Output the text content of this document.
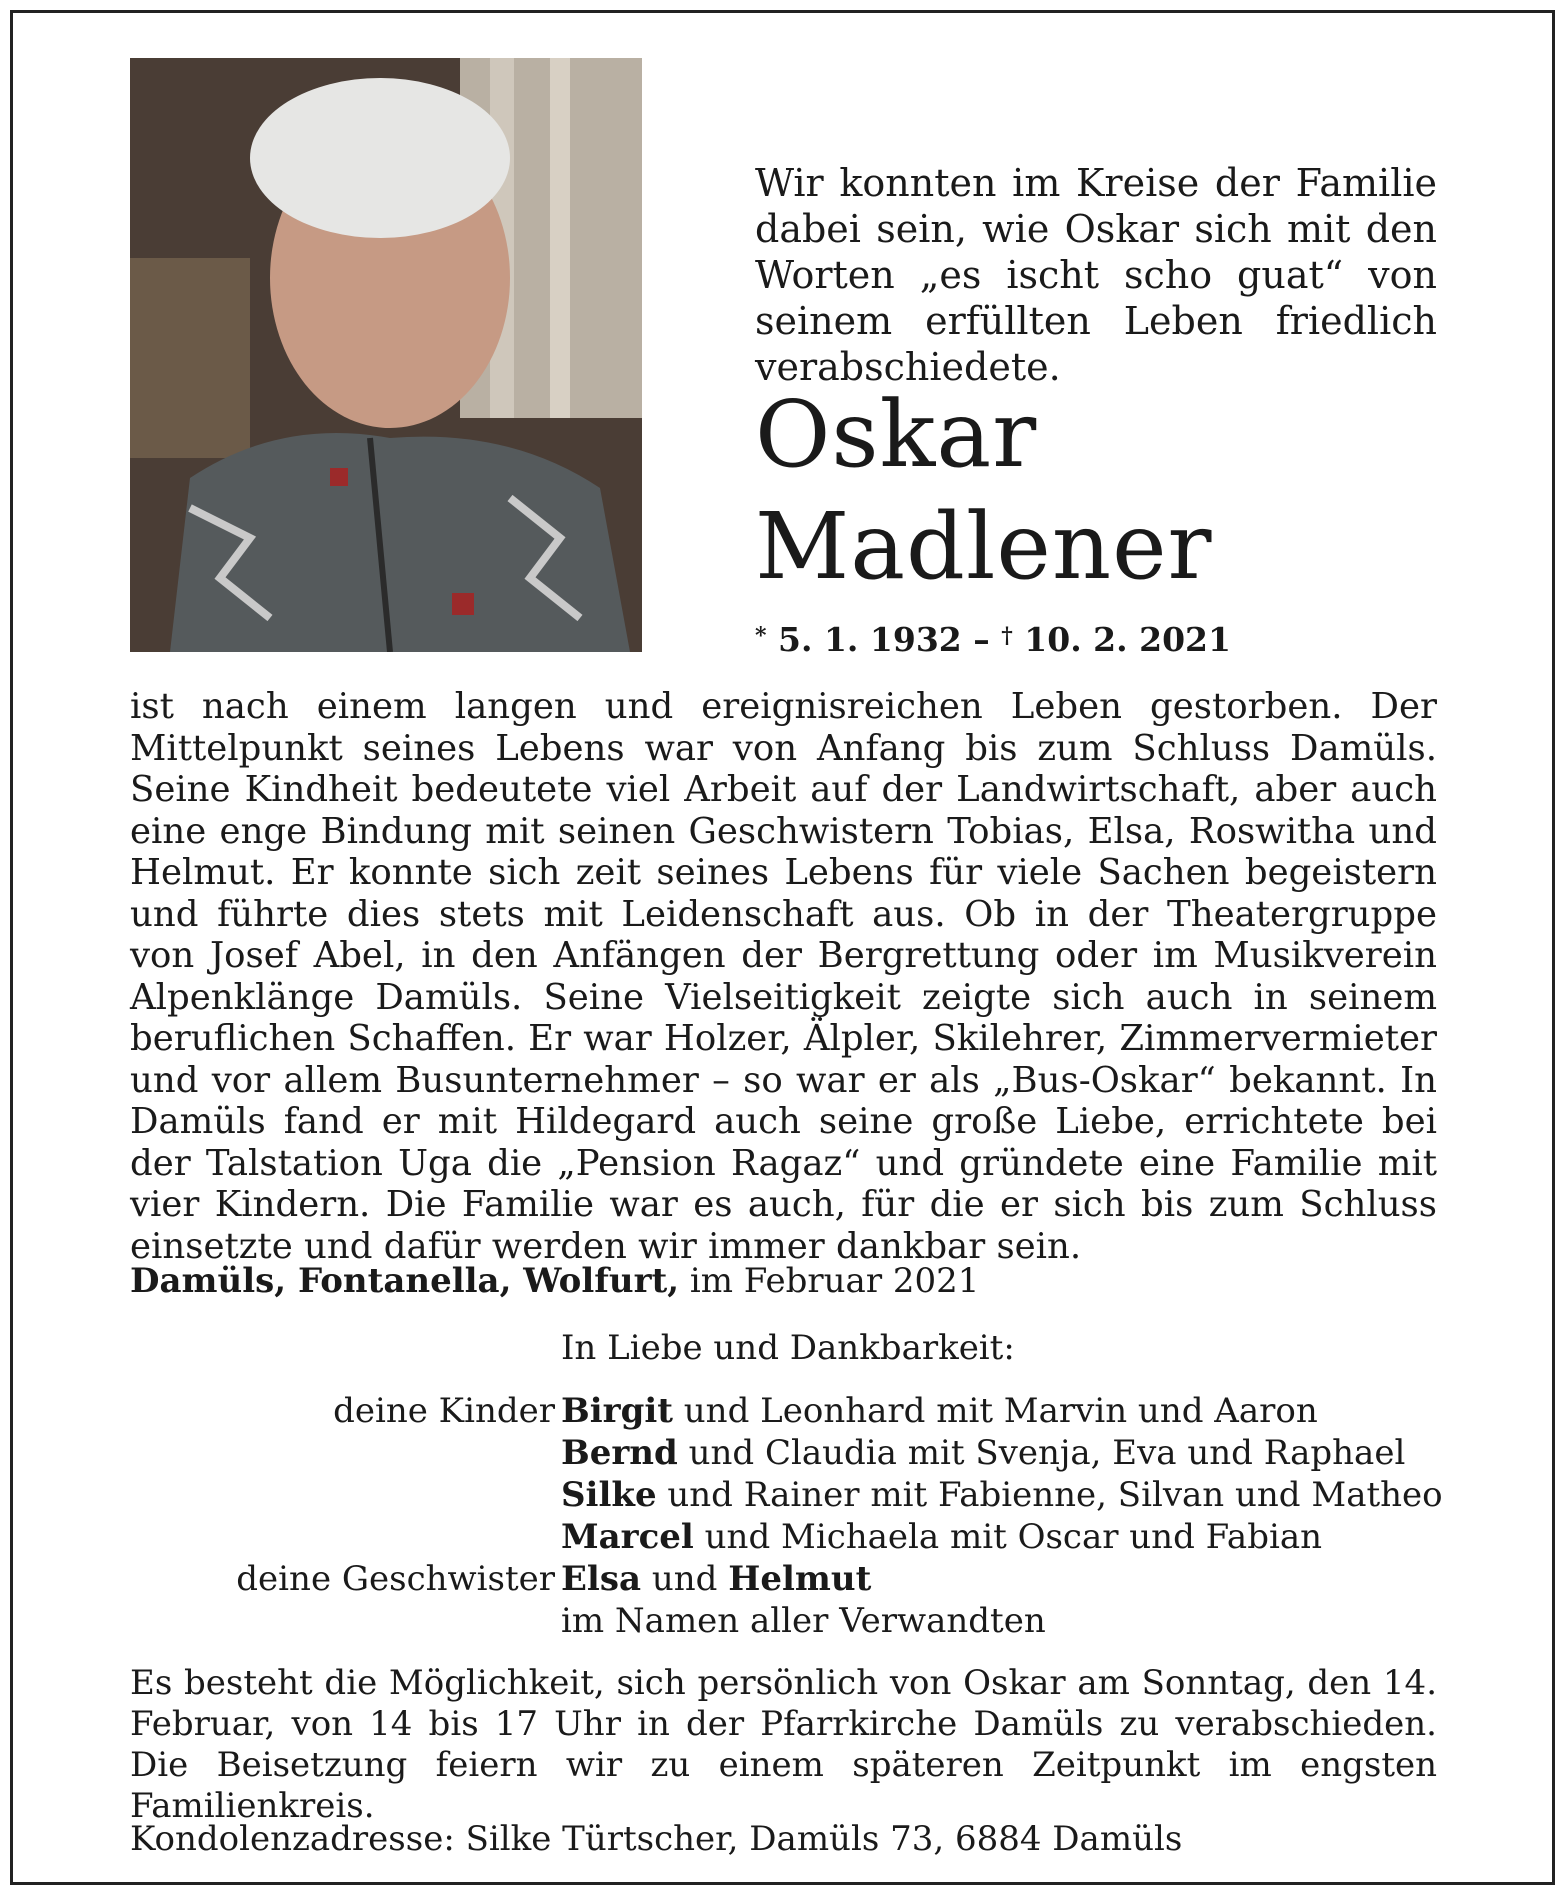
Wir konnten im Kreise der Familie dabei sein, wie Oskar sich mit den Worten „es ischt scho guat“ von seinem erfüllten Leben friedlich verabschiedete.
Oskar
Madlener
* 5. 1. 1932 – † 10. 2. 2021
ist nach einem langen und ereignisreichen Leben gestorben. Der Mittelpunkt seines Lebens war von Anfang bis zum Schluss Damüls. Seine Kindheit bedeutete viel Arbeit auf der Landwirtschaft, aber auch eine enge Bindung mit seinen Geschwistern Tobias, Elsa, Roswitha und Helmut. Er konnte sich zeit seines Lebens für viele Sachen begeistern und führte dies stets mit Leidenschaft aus. Ob in der Theatergruppe von Josef Abel, in den Anfängen der Bergrettung oder im Musikverein Alpenklänge Damüls. Seine Vielseitigkeit zeigte sich auch in seinem beruflichen Schaffen. Er war Holzer, Älpler, Skilehrer, Zimmervermieter und vor allem Busunternehmer – so war er als „Bus-Oskar“ bekannt. In Damüls fand er mit Hildegard auch seine große Liebe, errichtete bei der Talstation Uga die „Pension Ragaz“ und gründete eine Familie mit vier Kindern. Die Familie war es auch, für die er sich bis zum Schluss einsetzte und dafür werden wir immer dankbar sein.
Damüls, Fontanella, Wolfurt, im Februar 2021
In Liebe und Dankbarkeit:
deine Kinder Birgit und Leonhard mit Marvin und Aaron
Bernd und Claudia mit Svenja, Eva und Raphael
Silke und Rainer mit Fabienne, Silvan und Matheo
Marcel und Michaela mit Oscar und Fabian
deine Geschwister Elsa und Helmut
im Namen aller Verwandten
Es besteht die Möglichkeit, sich persönlich von Oskar am Sonntag, den 14. Februar, von 14 bis 17 Uhr in der Pfarrkirche Damüls zu verabschieden. Die Beisetzung feiern wir zu einem späteren Zeitpunkt im engsten Familienkreis.
Kondolenzadresse: Silke Türtscher, Damüls 73, 6884 Damüls
